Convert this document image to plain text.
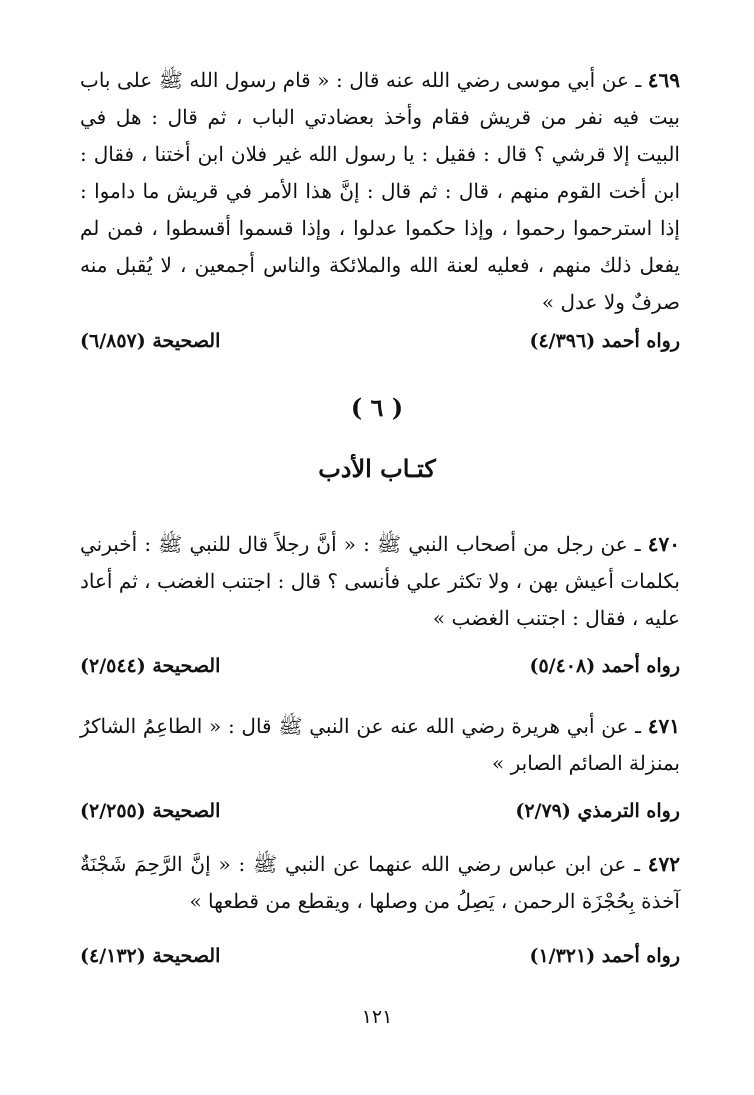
٤٦٩ ـ عن أبي موسى رضي الله عنه قال : « قام رسول الله ﷺ على باب بيت فيه نفر من قريش فقام وأخذ بعضادتي الباب ، ثم قال : هل في البيت إلا قرشي ؟ قال : فقيل : يا رسول الله غير فلان ابن أختنا ، فقال : ابن أخت القوم منهم ، قال : ثم قال : إنَّ هذا الأمر في قريش ما داموا : إذا استرحموا رحموا ، وإذا حكموا عدلوا ، وإذا قسموا أقسطوا ، فمن لم يفعل ذلك منهم ، فعليه لعنة الله والملائكة والناس أجمعين ، لا يُقبل منه صرفٌ ولا عدل »
رواه أحمد (٤/٣٩٦)
الصحيحة (٦/٨٥٧)
( ٦ )
كتـاب الأدب
٤٧٠ ـ عن رجل من أصحاب النبي ﷺ : « أنَّ رجلاً قال للنبي ﷺ : أخبرني بكلمات أعيش بهن ، ولا تكثر علي فأنسى ؟ قال : اجتنب الغضب ، ثم أعاد عليه ، فقال : اجتنب الغضب »
رواه أحمد (٥/٤٠٨)
الصحيحة (٢/٥٤٤)
٤٧١ ـ عن أبي هريرة رضي الله عنه عن النبي ﷺ قال : « الطاعِمُ الشاكرُ بمنزلة الصائم الصابر »
رواه الترمذي (٢/٧٩)
الصحيحة (٢/٢٥٥)
٤٧٢ ـ عن ابن عباس رضي الله عنهما عن النبي ﷺ : « إنَّ الرَّحِمَ شَجْنَةٌ آخذة بِحُجْزَة الرحمن ، يَصِلُ من وصلها ، ويقطع من قطعها »
رواه أحمد (١/٣٢١)
الصحيحة (٤/١٣٢)
١٢١
